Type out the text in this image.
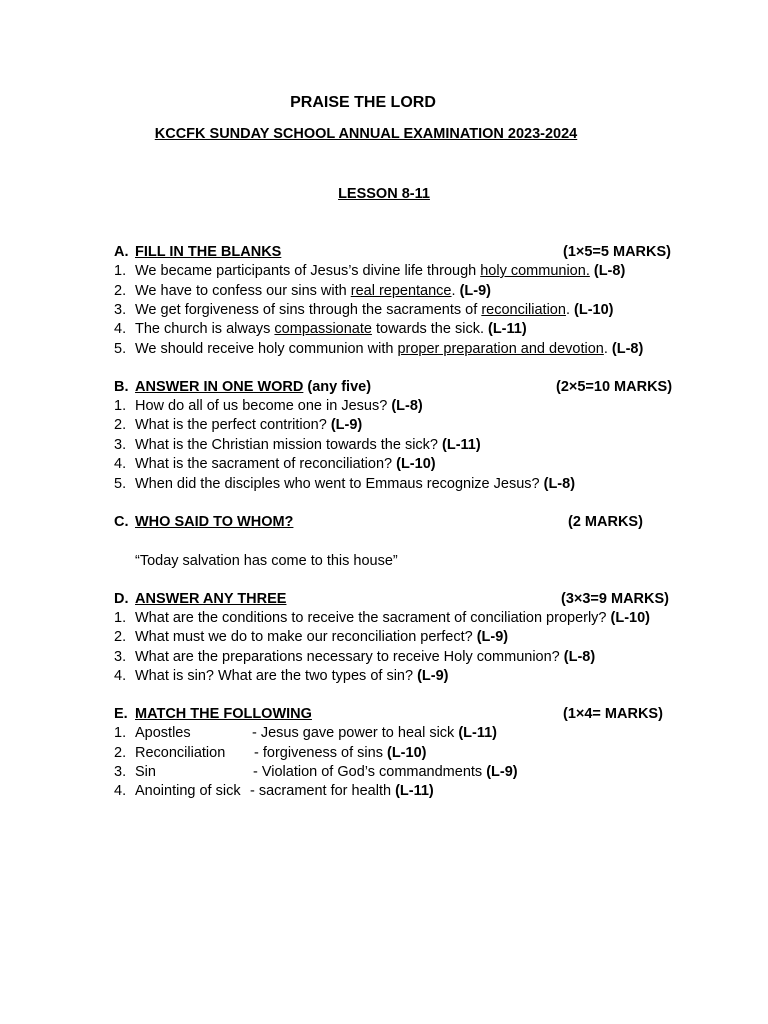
PRAISE THE LORD
KCCFK SUNDAY SCHOOL ANNUAL EXAMINATION 2023-2024
LESSON 8-11
A. FILL IN THE BLANKS	(1×5=5 MARKS)
1. We became participants of Jesus’s divine life through holy communion. (L-8)
2. We have to confess our sins with real repentance. (L-9)
3. We get forgiveness of sins through the sacraments of reconciliation. (L-10)
4. The church is always compassionate towards the sick. (L-11)
5. We should receive holy communion with proper preparation and devotion. (L-8)
B. ANSWER IN ONE WORD (any five)	(2×5=10 MARKS)
1. How do all of us become one in Jesus? (L-8)
2. What is the perfect contrition? (L-9)
3. What is the Christian mission towards the sick? (L-11)
4. What is the sacrament of reconciliation? (L-10)
5. When did the disciples who went to Emmaus recognize Jesus? (L-8)
C. WHO SAID TO WHOM?	(2 MARKS)
“Today salvation has come to this house”
D. ANSWER ANY THREE	(3×3=9 MARKS)
1. What are the conditions to receive the sacrament of conciliation properly? (L-10)
2. What must we do to make our reconciliation perfect? (L-9)
3. What are the preparations necessary to receive Holy communion? (L-8)
4. What is sin? What are the two types of sin? (L-9)
E. MATCH THE FOLLOWING	(1×4= MARKS)
1. Apostles	- Jesus gave power to heal sick (L-11)
2. Reconciliation - forgiveness of sins (L-10)
3. Sin	- Violation of God’s commandments (L-9)
4. Anointing of sick - sacrament for health (L-11)
